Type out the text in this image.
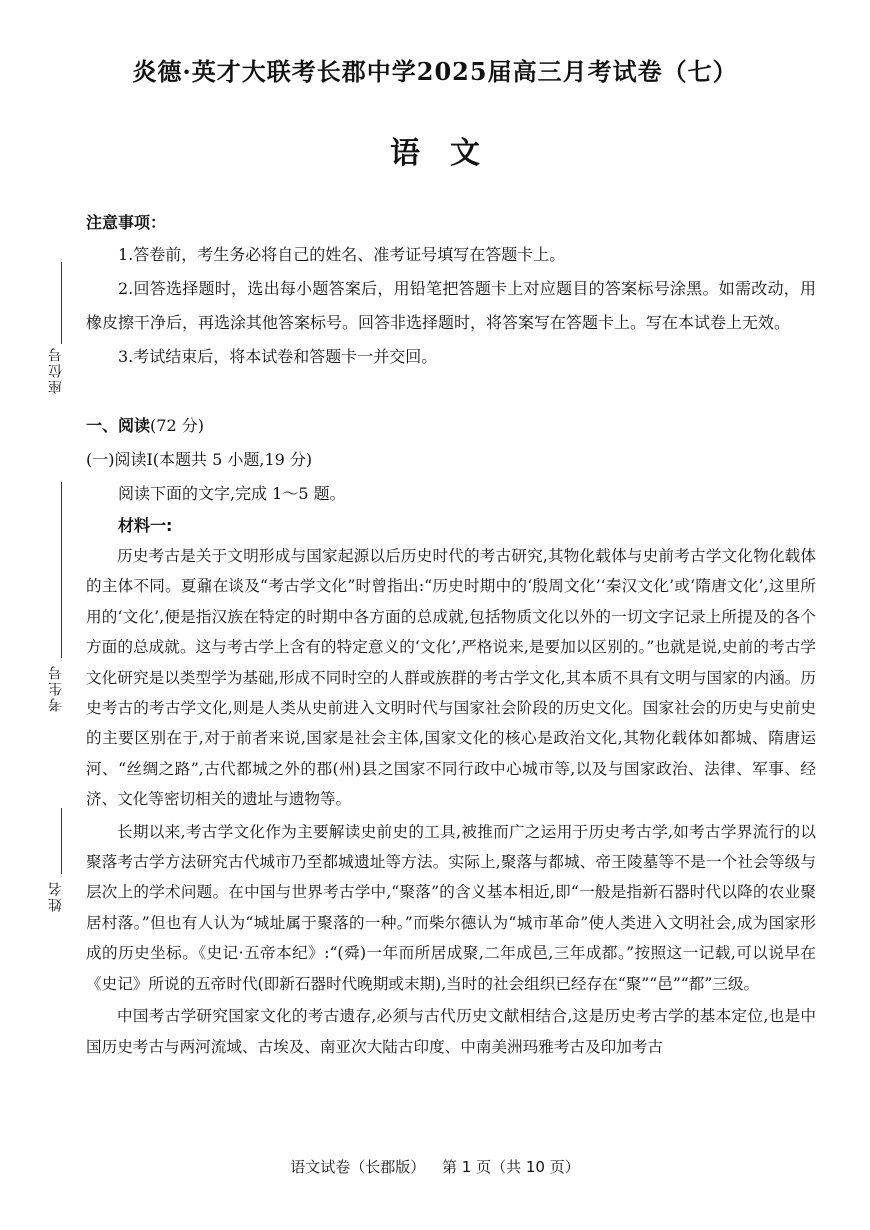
座位号
考生号
姓名
炎德·英才大联考长郡中学2025届高三月考试卷（七）
语文
注意事项：

1.答卷前，考生务必将自己的姓名、准考证号填写在答题卡上。

2.回答选择题时，选出每小题答案后，用铅笔把答题卡上对应题目的答案标号涂黑。如需改动，用橡皮擦干净后，再选涂其他答案标号。回答非选择题时，将答案写在答题卡上。写在本试卷上无效。

3.考试结束后，将本试卷和答题卡一并交回。

一、阅读(72 分)
(一)阅读Ⅰ(本题共 5 小题,19 分)
阅读下面的文字,完成 1～5 题。
材料一:

历史考古是关于文明形成与国家起源以后历史时代的考古研究,其物化载体与史前考古学文化物化载体的主体不同。夏鼐在谈及“考古学文化”时曾指出:“历史时期中的‘殷周文化’‘秦汉文化’或‘隋唐文化’,这里所用的‘文化’,便是指汉族在特定的时期中各方面的总成就,包括物质文化以外的一切文字记录上所提及的各个方面的总成就。这与考古学上含有的特定意义的‘文化’,严格说来,是要加以区别的。”也就是说,史前的考古学文化研究是以类型学为基础,形成不同时空的人群或族群的考古学文化,其本质不具有文明与国家的内涵。历史考古的考古学文化,则是人类从史前进入文明时代与国家社会阶段的历史文化。国家社会的历史与史前史的主要区别在于,对于前者来说,国家是社会主体,国家文化的核心是政治文化,其物化载体如都城、隋唐运河、“丝绸之路”,古代都城之外的郡(州)县之国家不同行政中心城市等,以及与国家政治、法律、军事、经济、文化等密切相关的遗址与遗物等。

长期以来,考古学文化作为主要解读史前史的工具,被推而广之运用于历史考古学,如考古学界流行的以聚落考古学方法研究古代城市乃至都城遗址等方法。实际上,聚落与都城、帝王陵墓等不是一个社会等级与层次上的学术问题。在中国与世界考古学中,“聚落”的含义基本相近,即“一般是指新石器时代以降的农业聚居村落。”但也有人认为“城址属于聚落的一种。”而柴尔德认为“城市革命”使人类进入文明社会,成为国家形成的历史坐标。《史记·五帝本纪》:“(舜)一年而所居成聚,二年成邑,三年成都。”按照这一记载,可以说早在《史记》所说的五帝时代(即新石器时代晚期或末期),当时的社会组织已经存在“聚”“邑”“都”三级。

中国考古学研究国家文化的考古遗存,必须与古代历史文献相结合,这是历史考古学的基本定位,也是中国历史考古与两河流域、古埃及、南亚次大陆古印度、中南美洲玛雅考古及印加考古

语文试卷（长郡版） 第 1 页（共 10 页）
